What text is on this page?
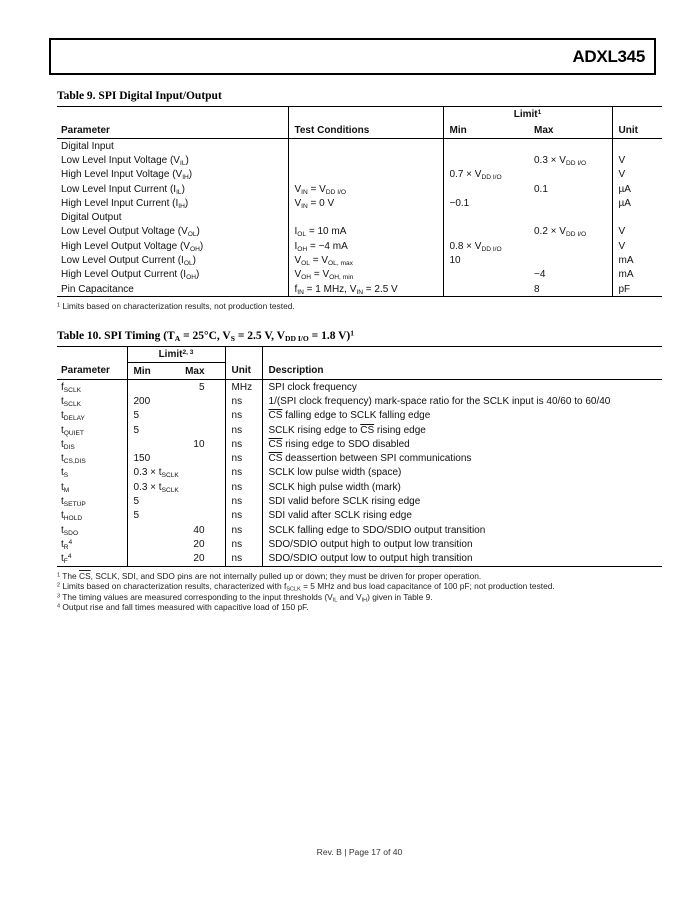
ADXL345
Table 9. SPI Digital Input/Output
		Limit$^1$	
Parameter	Test Conditions	Min	Max	Unit
Digital Input				
Low Level Input Voltage $(V_{IL})$			$0.3 \times V_{DD I/O}$	V
High Level Input Voltage $(V_{IH})$		$0.7 \times V_{DD I/O}$		V
Low Level Input Current $(I_{IL})$	$V_{IN} = V_{DD I/O}$		0.1	µA
High Level Input Current $(I_{IH})$	$V_{IN} = 0$ V	−0.1		µA
Digital Output				
Low Level Output Voltage $(V_{OL})$	$I_{OL} = 10$ mA		$0.2 \times V_{DD I/O}$	V
High Level Output Voltage $(V_{OH})$	$I_{OH} = -4$ mA	$0.8 \times V_{DD I/O}$		V
Low Level Output Current $(I_{OL})$	$V_{OL} = V_{OL, max}$	10		mA
High Level Output Current $(I_{OH})$	$V_{OH} = V_{OH, min}$		−4	mA
Pin Capacitance	$f_{IN} = 1$ MHz, $V_{IN} = 2.5$ V		8	pF
$^1$ Limits based on characterization results, not production tested.
Table 10. SPI Timing ($T_A = 25^\circ C$, $V_S = 2.5$ V, $V_{DD I/O} = 1.8$ V)$^1$
	Limit$^{2, 3}$		
Parameter	Min	Max	Unit	Description
$f_{SCLK}$		5	MHz	SPI clock frequency
$t_{SCLK}$	200		ns	1/(SPI clock frequency) mark-space ratio for the SCLK input is 40/60 to 60/40
$t_{DELAY}$	5		ns	$\overline{CS}$ falling edge to SCLK falling edge
$t_{QUIET}$	5		ns	SCLK rising edge to $\overline{CS}$ rising edge
$t_{DIS}$		10	ns	$\overline{CS}$ rising edge to SDO disabled
$t_{CS,DIS}$	150		ns	$\overline{CS}$ deassertion between SPI communications
$t_S$	$0.3 \times t_{SCLK}$		ns	SCLK low pulse width (space)
$t_M$	$0.3 \times t_{SCLK}$		ns	SCLK high pulse width (mark)
$t_{SETUP}$	5		ns	SDI valid before SCLK rising edge
$t_{HOLD}$	5		ns	SDI valid after SCLK rising edge
$t_{SDO}$		40	ns	SCLK falling edge to SDO/SDIO output transition
$t_R^4$		20	ns	SDO/SDIO output high to output low transition
$t_F^4$		20	ns	SDO/SDIO output low to output high transition
$^1$ The $\overline{CS}$, SCLK, SDI, and SDO pins are not internally pulled up or down; they must be driven for proper operation.
$^2$ Limits based on characterization results, characterized with $f_{SCLK} = 5$ MHz and bus load capacitance of 100 pF; not production tested.
$^3$ The timing values are measured corresponding to the input thresholds ($V_{IL}$ and $V_{IH}$) given in Table 9.
$^4$ Output rise and fall times measured with capacitive load of 150 pF.
Rev. B | Page 17 of 40
